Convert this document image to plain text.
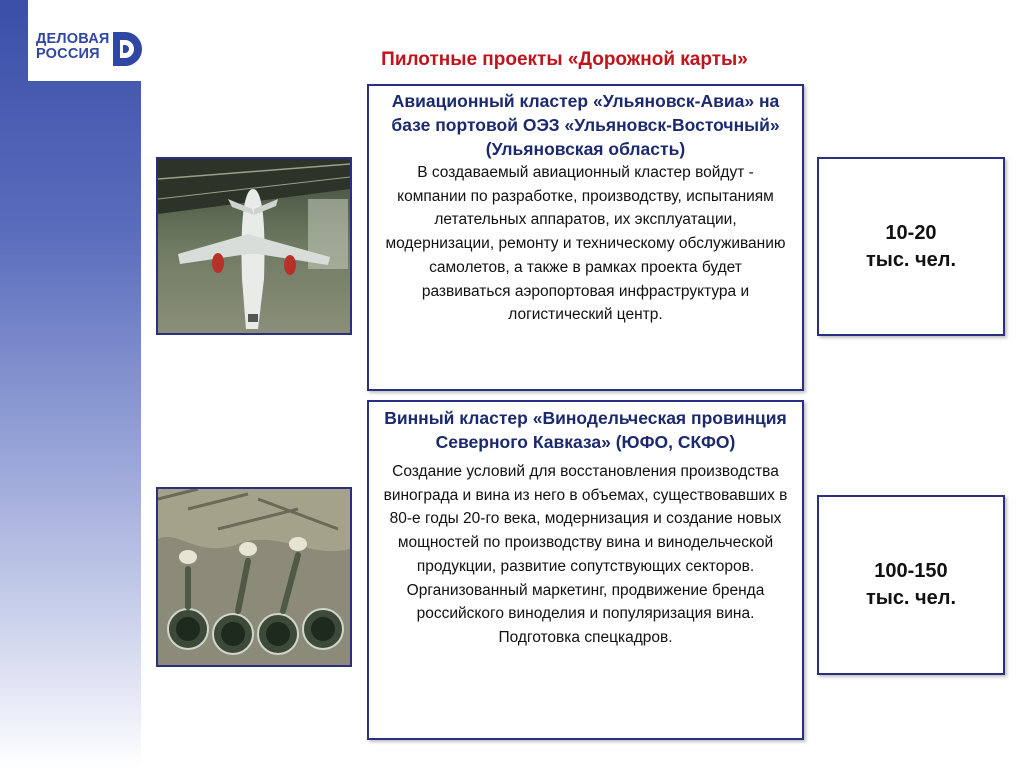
ДЕЛОВАЯ
РОССИЯ	Пилотные проекты «Дорожной карты»
Авиационный кластер «Ульяновск-Авиа» на базе портовой ОЭЗ «Ульяновск-Восточный» (Ульяновская область)
В создаваемый авиационный кластер войдут - компании по разработке, производству, испытаниям летательных аппаратов, их эксплуатации, модернизации, ремонту и техническому обслуживанию самолетов, а также в рамках проекта будет развиваться аэропортовая инфраструктура и логистический центр.
10-20
тыс. чел.
Винный кластер «Винодельческая провинция Северного Кавказа» (ЮФО, СКФО)
Создание условий для восстановления производства винограда и вина из него в объемах, существовавших в 80-е годы 20-го века, модернизация и создание новых мощностей по производству вина и винодельческой продукции, развитие сопутствующих секторов. Организованный маркетинг, продвижение бренда российского виноделия и популяризация вина. Подготовка спецкадров.
100-150
тыс. чел.
